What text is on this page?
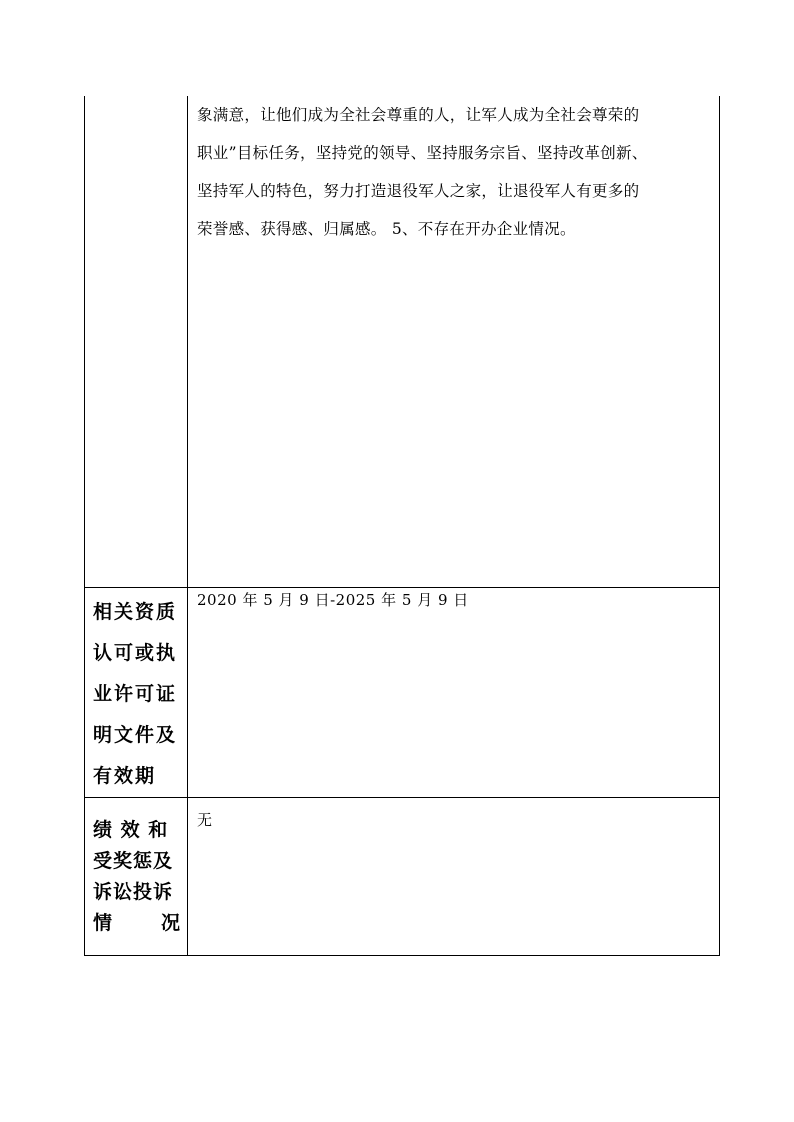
象满意，让他们成为全社会尊重的人，让军人成为全社会尊荣的
职业”目标任务，坚持党的领导、坚持服务宗旨、坚持改革创新、
坚持军人的特色，努力打造退役军人之家，让退役军人有更多的
荣誉感、获得感、归属感。 5、不存在开办企业情况。
相关资质
认可或执
业许可证
明文件及
有效期
2020 年 5 月 9 日-2025 年 5 月 9 日
绩 效 和
受奖惩及
诉讼投诉
情	况
无
